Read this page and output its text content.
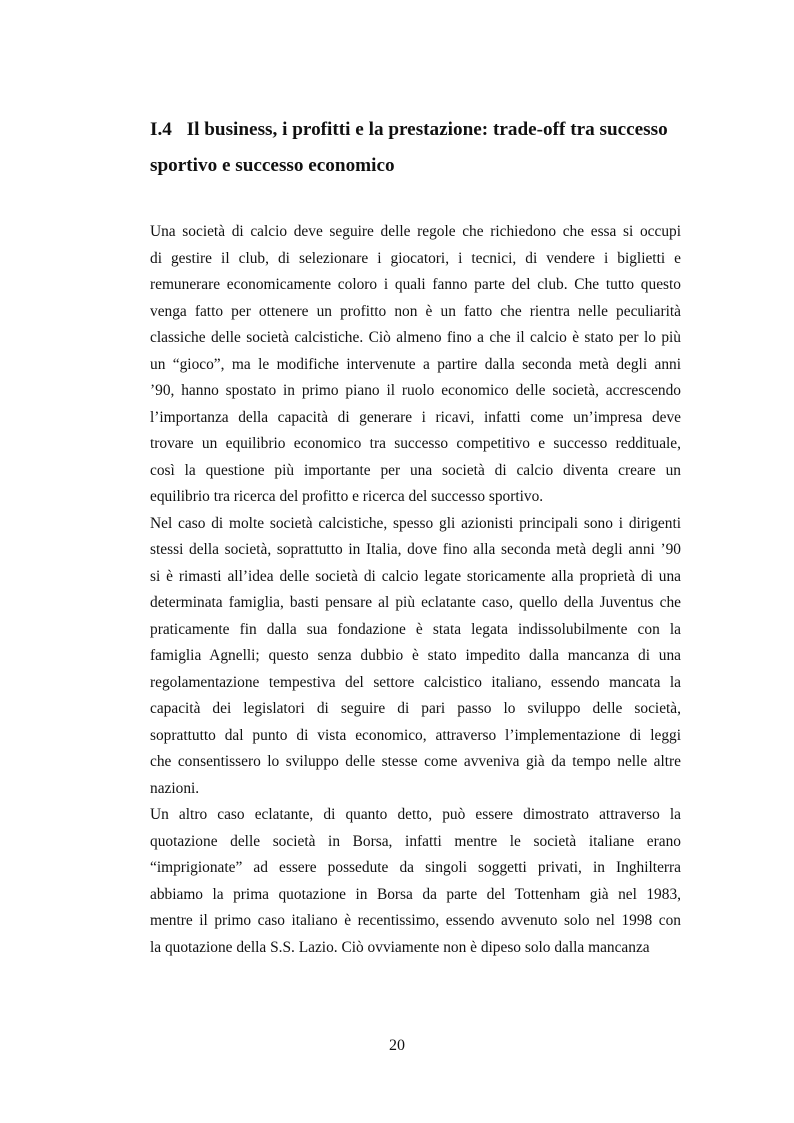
I.4 Il business, i profitti e la prestazione: trade-off tra successo
sportivo e successo economico
Una società di calcio deve seguire delle regole che richiedono che essa si occupi
di gestire il club, di selezionare i giocatori, i tecnici, di vendere i biglietti e
remunerare economicamente coloro i quali fanno parte del club. Che tutto questo
venga fatto per ottenere un profitto non è un fatto che rientra nelle peculiarità
classiche delle società calcistiche. Ciò almeno fino a che il calcio è stato per lo più
un “gioco”, ma le modifiche intervenute a partire dalla seconda metà degli anni
’90, hanno spostato in primo piano il ruolo economico delle società, accrescendo
l’importanza della capacità di generare i ricavi, infatti come un’impresa deve
trovare un equilibrio economico tra successo competitivo e successo reddituale,
così la questione più importante per una società di calcio diventa creare un
equilibrio tra ricerca del profitto e ricerca del successo sportivo.
Nel caso di molte società calcistiche, spesso gli azionisti principali sono i dirigenti
stessi della società, soprattutto in Italia, dove fino alla seconda metà degli anni ’90
si è rimasti all’idea delle società di calcio legate storicamente alla proprietà di una
determinata famiglia, basti pensare al più eclatante caso, quello della Juventus che
praticamente fin dalla sua fondazione è stata legata indissolubilmente con la
famiglia Agnelli; questo senza dubbio è stato impedito dalla mancanza di una
regolamentazione tempestiva del settore calcistico italiano, essendo mancata la
capacità dei legislatori di seguire di pari passo lo sviluppo delle società,
soprattutto dal punto di vista economico, attraverso l’implementazione di leggi
che consentissero lo sviluppo delle stesse come avveniva già da tempo nelle altre
nazioni.
Un altro caso eclatante, di quanto detto, può essere dimostrato attraverso la
quotazione delle società in Borsa, infatti mentre le società italiane erano
“imprigionate” ad essere possedute da singoli soggetti privati, in Inghilterra
abbiamo la prima quotazione in Borsa da parte del Tottenham già nel 1983,
mentre il primo caso italiano è recentissimo, essendo avvenuto solo nel 1998 con
la quotazione della S.S. Lazio. Ciò ovviamente non è dipeso solo dalla mancanza
20
